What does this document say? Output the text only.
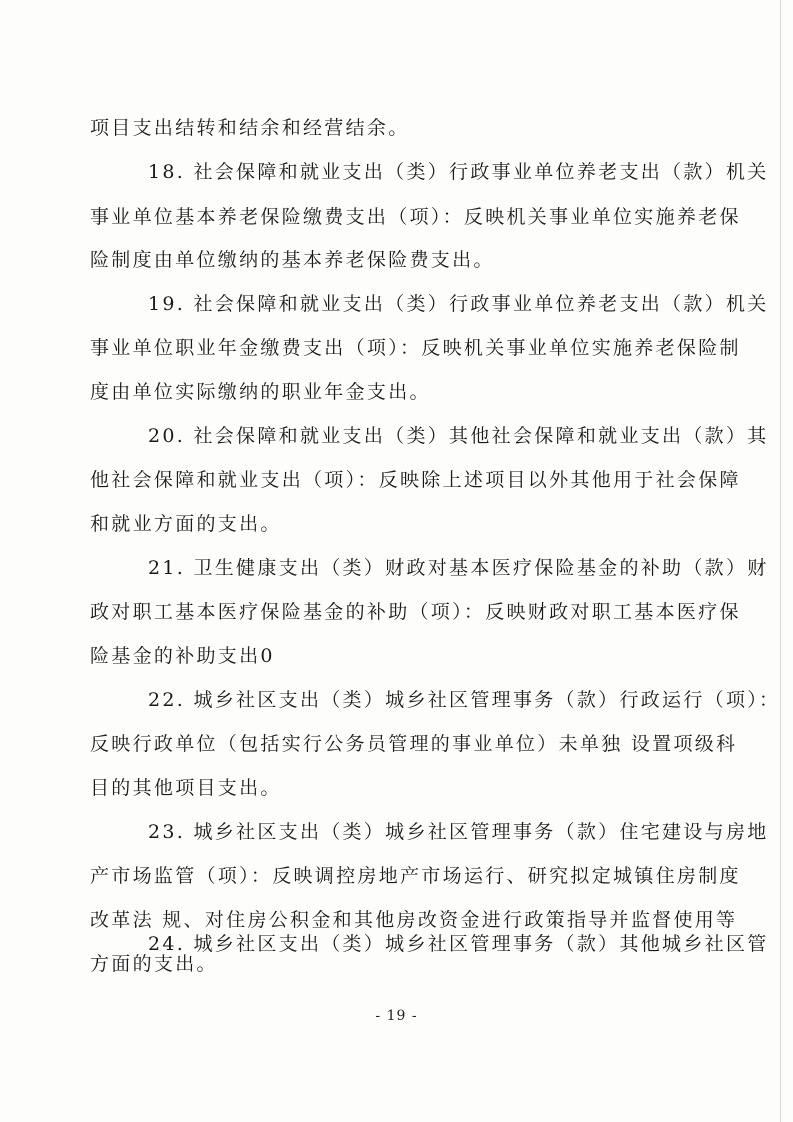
项目支出结转和结余和经营结余。
18. 社会保障和就业支出（类）行政事业单位养老支出（款）机关
事业单位基本养老保险缴费支出（项）：反映机关事业单位实施养老保
险制度由单位缴纳的基本养老保险费支出。
19. 社会保障和就业支出（类）行政事业单位养老支出（款）机关
事业单位职业年金缴费支出（项）：反映机关事业单位实施养老保险制
度由单位实际缴纳的职业年金支出。
20. 社会保障和就业支出（类）其他社会保障和就业支出（款）其
他社会保障和就业支出（项）：反映除上述项目以外其他用于社会保障
和就业方面的支出。
21. 卫生健康支出（类）财政对基本医疗保险基金的补助（款）财
政对职工基本医疗保险基金的补助（项）：反映财政对职工基本医疗保
险基金的补助支出0
22. 城乡社区支出（类）城乡社区管理事务（款）行政运行（项）：
反映行政单位（包括实行公务员管理的事业单位）未单独 设置项级科
目的其他项目支出。
23. 城乡社区支出（类）城乡社区管理事务（款）住宅建设与房地
产市场监管（项）：反映调控房地产市场运行、研究拟定城镇住房制度
改革法 规、对住房公积金和其他房改资金进行政策指导并监督使用等
方面的支出。
- 19 -
24. 城乡社区支出（类）城乡社区管理事务（款）其他城乡社区管
